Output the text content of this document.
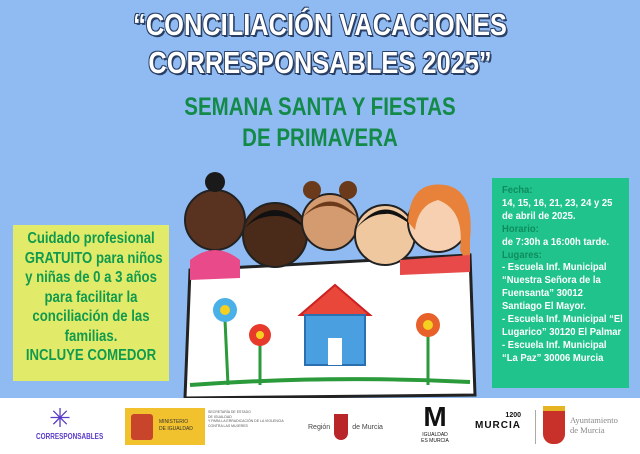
“CONCILIACIÓN VACACIONES
CORRESPONSABLES 2025”
SEMANA SANTA Y FIESTAS
DE PRIMAVERA
Cuidado profesional
GRATUITO para niños
y niñas de 0 a 3 años
para facilitar la
conciliación de las
familias.
INCLUYE COMEDOR
Fecha:
14, 15, 16, 21, 23, 24 y 25
de abril de 2025.
Horario:
de 7:30h a 16:00h tarde.
Lugares:
- Escuela Inf. Municipal
“Nuestra Señora de la
Fuensanta” 30012
Santiago El Mayor.
- Escuela Inf. Municipal “El
Lugarico” 30120 El Palmar
- Escuela Inf. Municipal
“La Paz” 30006 Murcia
✳
CORRESPONSABLES
MINISTERIO
DE IGUALDAD
SECRETARÍA DE ESTADO
DE IGUALDAD
Y PARA LA ERRADICACIÓN DE LA VIOLENCIA
CONTRA LAS MUJERES	Región	de Murcia M
IGUALDAD
ES MURCIA
1200
MURCIA	Ayuntamiento
de Murcia
